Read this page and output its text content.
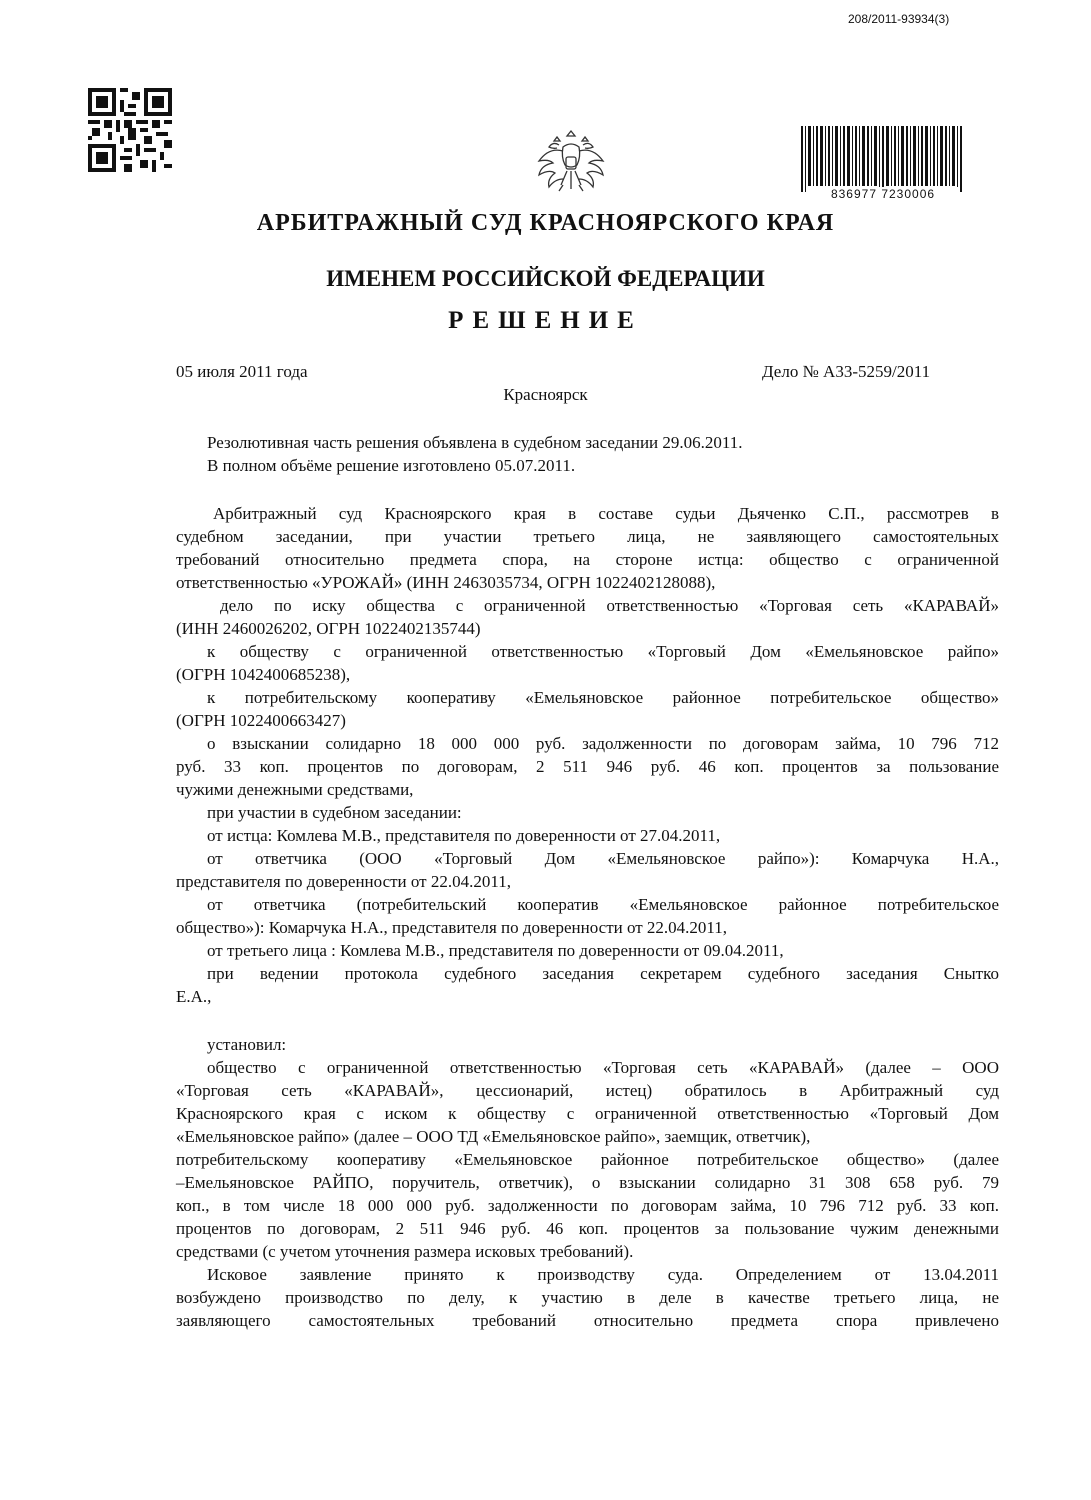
208/2011-93934(3)
836977 7230006
АРБИТРАЖНЫЙ СУД КРАСНОЯРСКОГО КРАЯ
ИМЕНЕМ РОССИЙСКОЙ ФЕДЕРАЦИИ
РЕШЕНИЕ
05 июля 2011 года	Дело № А33-5259/2011
Красноярск
Резолютивная часть решения объявлена в судебном заседании 29.06.2011.
В полном объёме решение изготовлено 05.07.2011.
Арбитражный суд Красноярского края в составе судьи Дьяченко С.П., рассмотрев в
судебном заседании, при участии третьего лица, не заявляющего самостоятельных
требований относительно предмета спора, на стороне истца: общество с ограниченной
ответственностью «УРОЖАЙ» (ИНН 2463035734, ОГРН 1022402128088),
дело по иску общества с ограниченной ответственностью «Торговая сеть «КАРАВАЙ»
(ИНН 2460026202, ОГРН 1022402135744)
к обществу с ограниченной ответственностью «Торговый Дом «Емельяновское райпо»
(ОГРН 1042400685238),
к потребительскому кооперативу «Емельяновское районное потребительское общество»
(ОГРН 1022400663427)
о взыскании солидарно 18 000 000 руб. задолженности по договорам займа, 10 796 712
руб. 33 коп. процентов по договорам, 2 511 946 руб. 46 коп. процентов за пользование
чужими денежными средствами,
при участии в судебном заседании:
от истца: Комлева М.В., представителя по доверенности от 27.04.2011,
от ответчика (ООО «Торговый Дом «Емельяновское райпо»): Комарчука Н.А.,
представителя по доверенности от 22.04.2011,
от ответчика (потребительский кооператив «Емельяновское районное потребительское
общество»): Комарчука Н.А., представителя по доверенности от 22.04.2011,
от третьего лица : Комлева М.В., представителя по доверенности от 09.04.2011,
при ведении протокола судебного заседания секретарем судебного заседания Снытко
Е.А.,
установил:
общество с ограниченной ответственностью «Торговая сеть «КАРАВАЙ» (далее – ООО
«Торговая сеть «КАРАВАЙ», цессионарий, истец) обратилось в Арбитражный суд
Красноярского края с иском к обществу с ограниченной ответственностью «Торговый Дом
«Емельяновское райпо» (далее – ООО ТД «Емельяновское райпо», заемщик, ответчик),
потребительскому кооперативу «Емельяновское районное потребительское общество» (далее
–Емельяновское РАЙПО, поручитель, ответчик), о взыскании солидарно 31 308 658 руб. 79
коп., в том числе 18 000 000 руб. задолженности по договорам займа, 10 796 712 руб. 33 коп.
процентов по договорам, 2 511 946 руб. 46 коп. процентов за пользование чужим денежными
средствами (с учетом уточнения размера исковых требований).
Исковое заявление принято к производству суда. Определением от 13.04.2011
возбуждено производство по делу, к участию в деле в качестве третьего лица, не
заявляющего самостоятельных требований относительно предмета спора привлечено
